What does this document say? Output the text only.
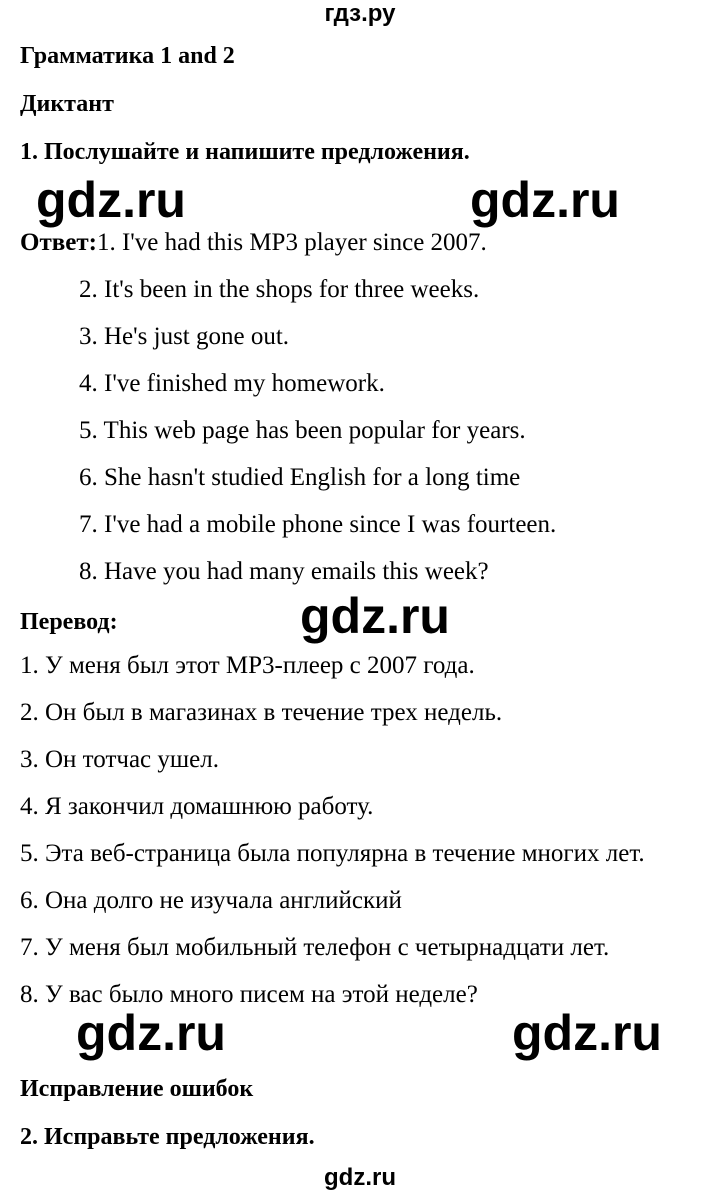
гдз.ру
Грамматика 1 and 2
Диктант
1. Послушайте и напишите предложения.
gdz.ru	gdz.ru
Ответ:1. I've had this MP3 player since 2007.
2. It's been in the shops for three weeks.
3. He's just gone out.
4. I've finished my homework.
5. This web page has been popular for years.
6. She hasn't studied English for a long time
7. I've had a mobile phone since I was fourteen.
8. Have you had many emails this week?
Перевод:	gdz.ru
1. У меня был этот MP3-плеер с 2007 года.
2. Он был в магазинах в течение трех недель.
3. Он тотчас ушел.
4. Я закончил домашнюю работу.
5. Эта веб-страница была популярна в течение многих лет.
6. Она долго не изучала английский
7. У меня был мобильный телефон с четырнадцати лет.
8. У вас было много писем на этой неделе?
gdz.ru	gdz.ru
Исправление ошибок
2. Исправьте предложения.
gdz.ru
